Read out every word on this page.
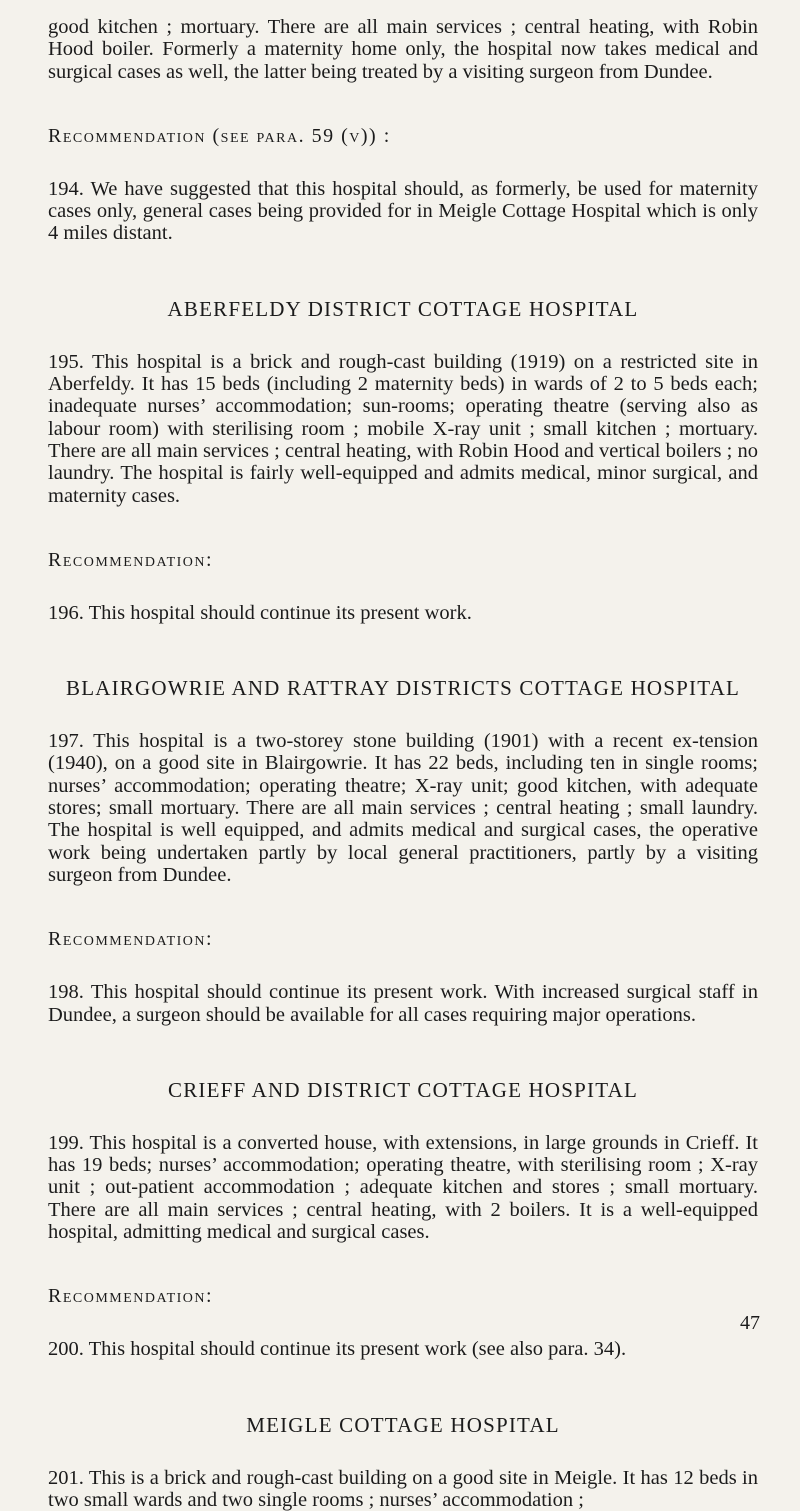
good kitchen ; mortuary. There are all main services ; central heating, with Robin Hood boiler. Formerly a maternity home only, the hospital now takes medical and surgical cases as well, the latter being treated by a visiting surgeon from Dundee.

Recommendation (see para. 59 (v)) :

194. We have suggested that this hospital should, as formerly, be used for maternity cases only, general cases being provided for in Meigle Cottage Hospital which is only 4 miles distant.

ABERFELDY DISTRICT COTTAGE HOSPITAL

195. This hospital is a brick and rough-cast building (1919) on a restricted site in Aberfeldy. It has 15 beds (including 2 maternity beds) in wards of 2 to 5 beds each; inadequate nurses’ accommodation; sun-rooms; operating theatre (serving also as labour room) with sterilising room ; mobile X-ray unit ; small kitchen ; mortuary. There are all main services ; central heating, with Robin Hood and vertical boilers ; no laundry. The hospital is fairly well-equipped and admits medical, minor surgical, and maternity cases.

Recommendation:

196. This hospital should continue its present work.

BLAIRGOWRIE AND RATTRAY DISTRICTS COTTAGE HOSPITAL

197. This hospital is a two-storey stone building (1901) with a recent ex-tension (1940), on a good site in Blairgowrie. It has 22 beds, including ten in single rooms; nurses’ accommodation; operating theatre; X-ray unit; good kitchen, with adequate stores; small mortuary. There are all main services ; central heating ; small laundry. The hospital is well equipped, and admits medical and surgical cases, the operative work being undertaken partly by local general practitioners, partly by a visiting surgeon from Dundee.

Recommendation:

198. This hospital should continue its present work. With increased surgical staff in Dundee, a surgeon should be available for all cases requiring major operations.

CRIEFF AND DISTRICT COTTAGE HOSPITAL

199. This hospital is a converted house, with extensions, in large grounds in Crieff. It has 19 beds; nurses’ accommodation; operating theatre, with sterilising room ; X-ray unit ; out-patient accommodation ; adequate kitchen and stores ; small mortuary. There are all main services ; central heating, with 2 boilers. It is a well-equipped hospital, admitting medical and surgical cases.

Recommendation:

200. This hospital should continue its present work (see also para. 34).

MEIGLE COTTAGE HOSPITAL

201. This is a brick and rough-cast building on a good site in Meigle. It has 12 beds in two small wards and two single rooms ; nurses’ accommodation ;

47
